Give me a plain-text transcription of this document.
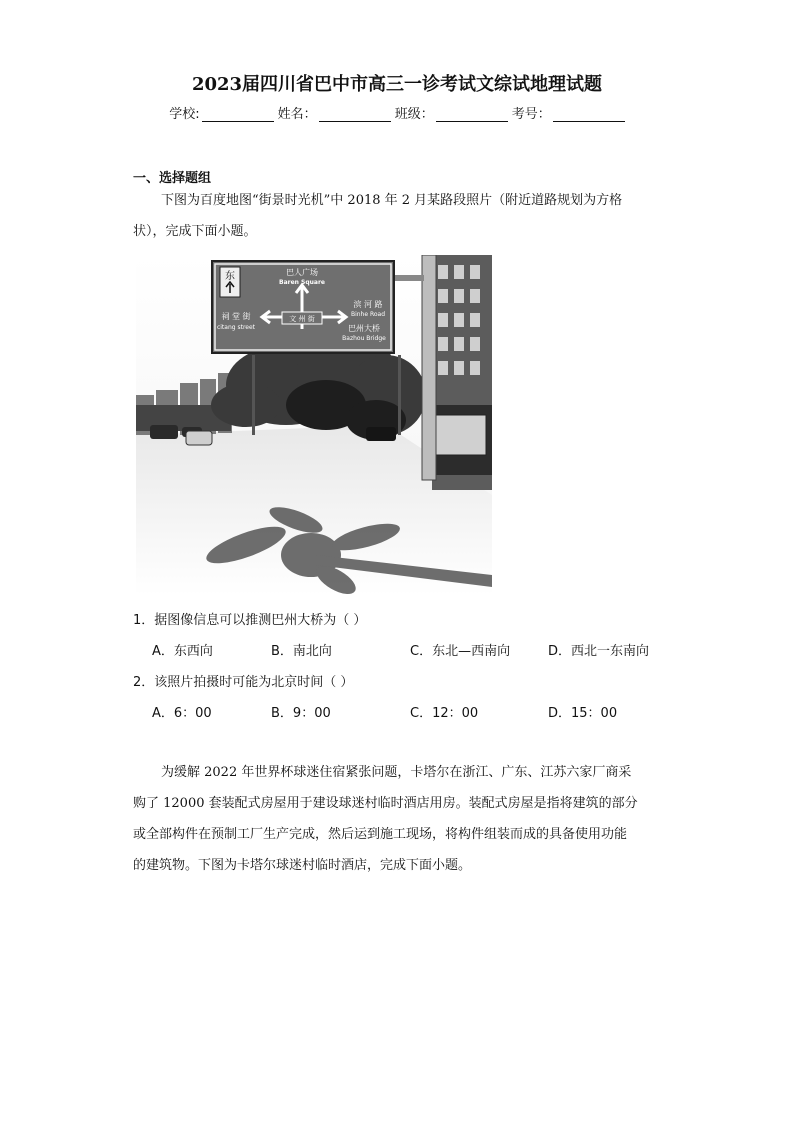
2023届四川省巴中市高三一诊考试文综试地理试题
学校:	姓名：	班级：	考号：
一、选择题组
下图为百度地图“街景时光机”中 2018 年 2 月某路段照片（附近道路规划为方格
状），完成下面小题。
东
文 州 街
巴人广场
Baren Square
祠 堂 街
citang street
滨 河 路
Binhe Road
巴州大桥
Bazhou Bridge
1．据图像信息可以推测巴州大桥为（ ）
A．东西向	B．南北向	C．东北—西南向	D．西北一东南向
2．该照片拍摄时可能为北京时间（ ）
A．6：00	B．9：00	C．12：00	D．15：00
为缓解 2022 年世界杯球迷住宿紧张问题，卡塔尔在浙江、广东、江苏六家厂商采
购了 12000 套装配式房屋用于建设球迷村临时酒店用房。装配式房屋是指将建筑的部分
或全部构件在预制工厂生产完成，然后运到施工现场，将构件组装而成的具备使用功能
的建筑物。下图为卡塔尔球迷村临时酒店，完成下面小题。
